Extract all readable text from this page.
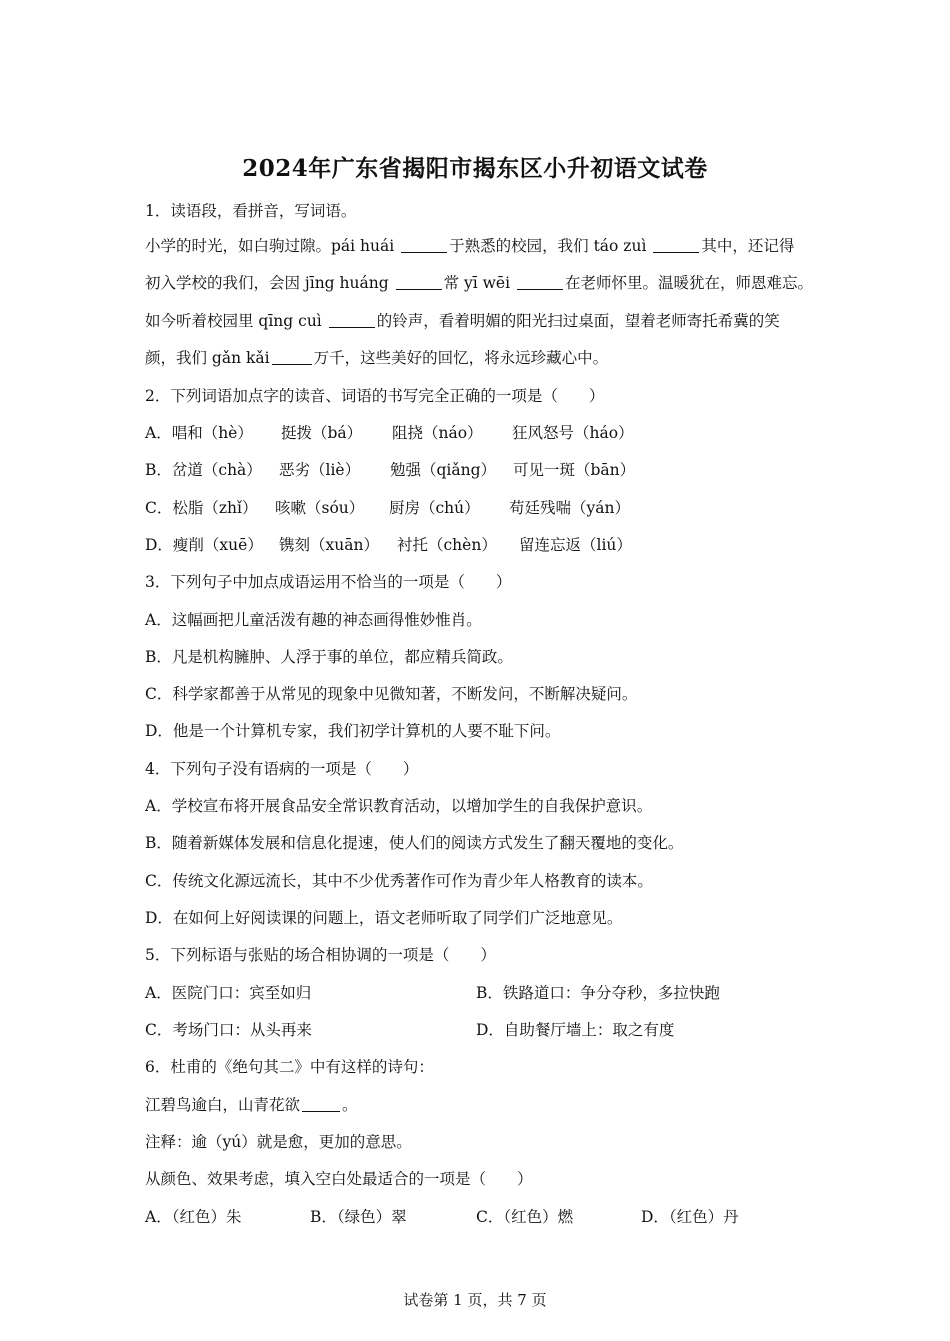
2024年广东省揭阳市揭东区小升初语文试卷
1．读语段，看拼音，写词语。
小学的时光，如白驹过隙。pái huái	于熟悉的校园，我们 táo zuì	其中，还记得
初入学校的我们，会因 jīng huáng	常 yī wēi	在老师怀里。温暖犹在，师恩难忘。
如今听着校园里 qīng cuì	的铃声，看着明媚的阳光扫过桌面，望着老师寄托希冀的笑
颜，我们 gǎn kǎi	万千，这些美好的回忆，将永远珍藏心中。
2．下列词语加点字的读音、词语的书写完全正确的一项是（　　）
A．唱和（hè） 挺拨（bá） 阻挠（náo） 狂风怒号（háo）
B．岔道（chà） 恶劣（liè） 勉强（qiǎng） 可见一斑（bān）
C．松脂（zhǐ） 咳嗽（sóu） 厨房（chú） 苟廷残喘（yán）
D．瘦削（xuē） 镌刻（xuān） 衬托（chèn） 留连忘返（liú）
3．下列句子中加点成语运用不恰当的一项是（　　）
A．这幅画把儿童活泼有趣的神态画得惟妙惟肖。
B．凡是机构臃肿、人浮于事的单位，都应精兵简政。
C．科学家都善于从常见的现象中见微知著，不断发问，不断解决疑问。
D．他是一个计算机专家，我们初学计算机的人要不耻下问。
4．下列句子没有语病的一项是（　　）
A．学校宣布将开展食品安全常识教育活动，以增加学生的自我保护意识。
B．随着新媒体发展和信息化提速，使人们的阅读方式发生了翻天覆地的变化。
C．传统文化源远流长，其中不少优秀著作可作为青少年人格教育的读本。
D．在如何上好阅读课的问题上，语文老师听取了同学们广泛地意见。
5．下列标语与张贴的场合相协调的一项是（　　）
A．医院门口：宾至如归	B．铁路道口：争分夺秒，多拉快跑
C．考场门口：从头再来	D．自助餐厅墙上：取之有度
6．杜甫的《绝句其二》中有这样的诗句：
江碧鸟逾白，山青花欲	。
注释：逾（yú）就是愈，更加的意思。
从颜色、效果考虑，填入空白处最适合的一项是（　　）
A．（红色）朱	B．（绿色）翠	C．（红色）燃	D．（红色）丹
试卷第 1 页，共 7 页
